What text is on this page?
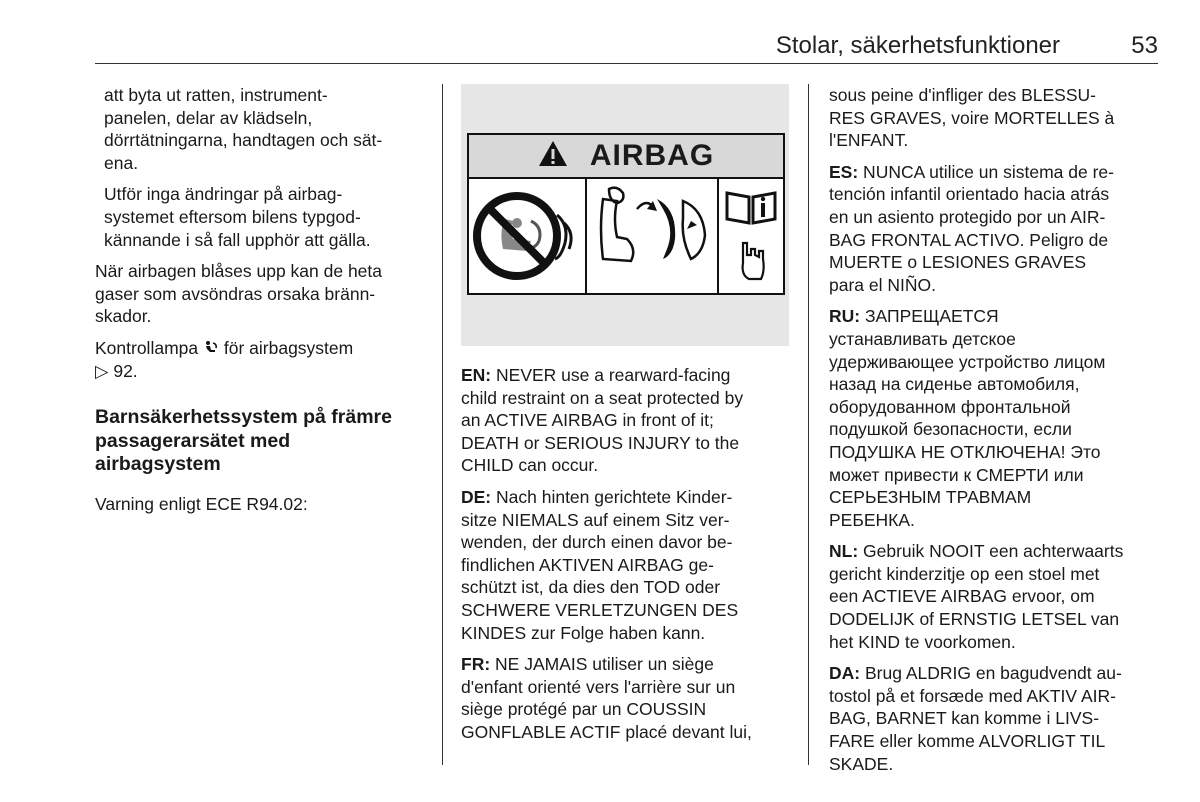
Stolar, säkerhetsfunktioner	53

att byta ut ratten, instrument-
panelen, delar av klädseln,
dörrtätningarna, handtagen och sät-
ena.

Utför inga ändringar på airbag-
systemet eftersom bilens typgod-
kännande i så fall upphör att gälla.

När airbagen blåses upp kan de heta
gaser som avsöndras orsaka bränn-
skador.

Kontrollampa för airbagsystem
▷ 92.

Barnsäkerhetssystem på främre
passagerarsätet med
airbagsystem

Varning enligt ECE R94.02:

AIRBAG

EN: NEVER use a rearward-facing
child restraint on a seat protected by
an ACTIVE AIRBAG in front of it;
DEATH or SERIOUS INJURY to the
CHILD can occur.

DE: Nach hinten gerichtete Kinder-
sitze NIEMALS auf einem Sitz ver-
wenden, der durch einen davor be-
findlichen AKTIVEN AIRBAG ge-
schützt ist, da dies den TOD oder
SCHWERE VERLETZUNGEN DES
KINDES zur Folge haben kann.

FR: NE JAMAIS utiliser un siège
d'enfant orienté vers l'arrière sur un
siège protégé par un COUSSIN
GONFLABLE ACTIF placé devant lui,

sous peine d'infliger des BLESSU-
RES GRAVES, voire MORTELLES à
l'ENFANT.

ES: NUNCA utilice un sistema de re-
tención infantil orientado hacia atrás
en un asiento protegido por un AIR-
BAG FRONTAL ACTIVO. Peligro de
MUERTE o LESIONES GRAVES
para el NIÑO.

RU: ЗАПРЕЩАЕТСЯ
устанавливать детское
удерживающее устройство лицом
назад на сиденье автомобиля,
оборудованном фронтальной
подушкой безопасности, если
ПОДУШКА НЕ ОТКЛЮЧЕНА! Это
может привести к СМЕРТИ или
СЕРЬЕЗНЫМ ТРАВМАМ
РЕБЕНКА.

NL: Gebruik NOOIT een achterwaarts
gericht kinderzitje op een stoel met
een ACTIEVE AIRBAG ervoor, om
DODELIJK of ERNSTIG LETSEL van
het KIND te voorkomen.

DA: Brug ALDRIG en bagudvendt au-
tostol på et forsæde med AKTIV AIR-
BAG, BARNET kan komme i LIVS-
FARE eller komme ALVORLIGT TIL
SKADE.
